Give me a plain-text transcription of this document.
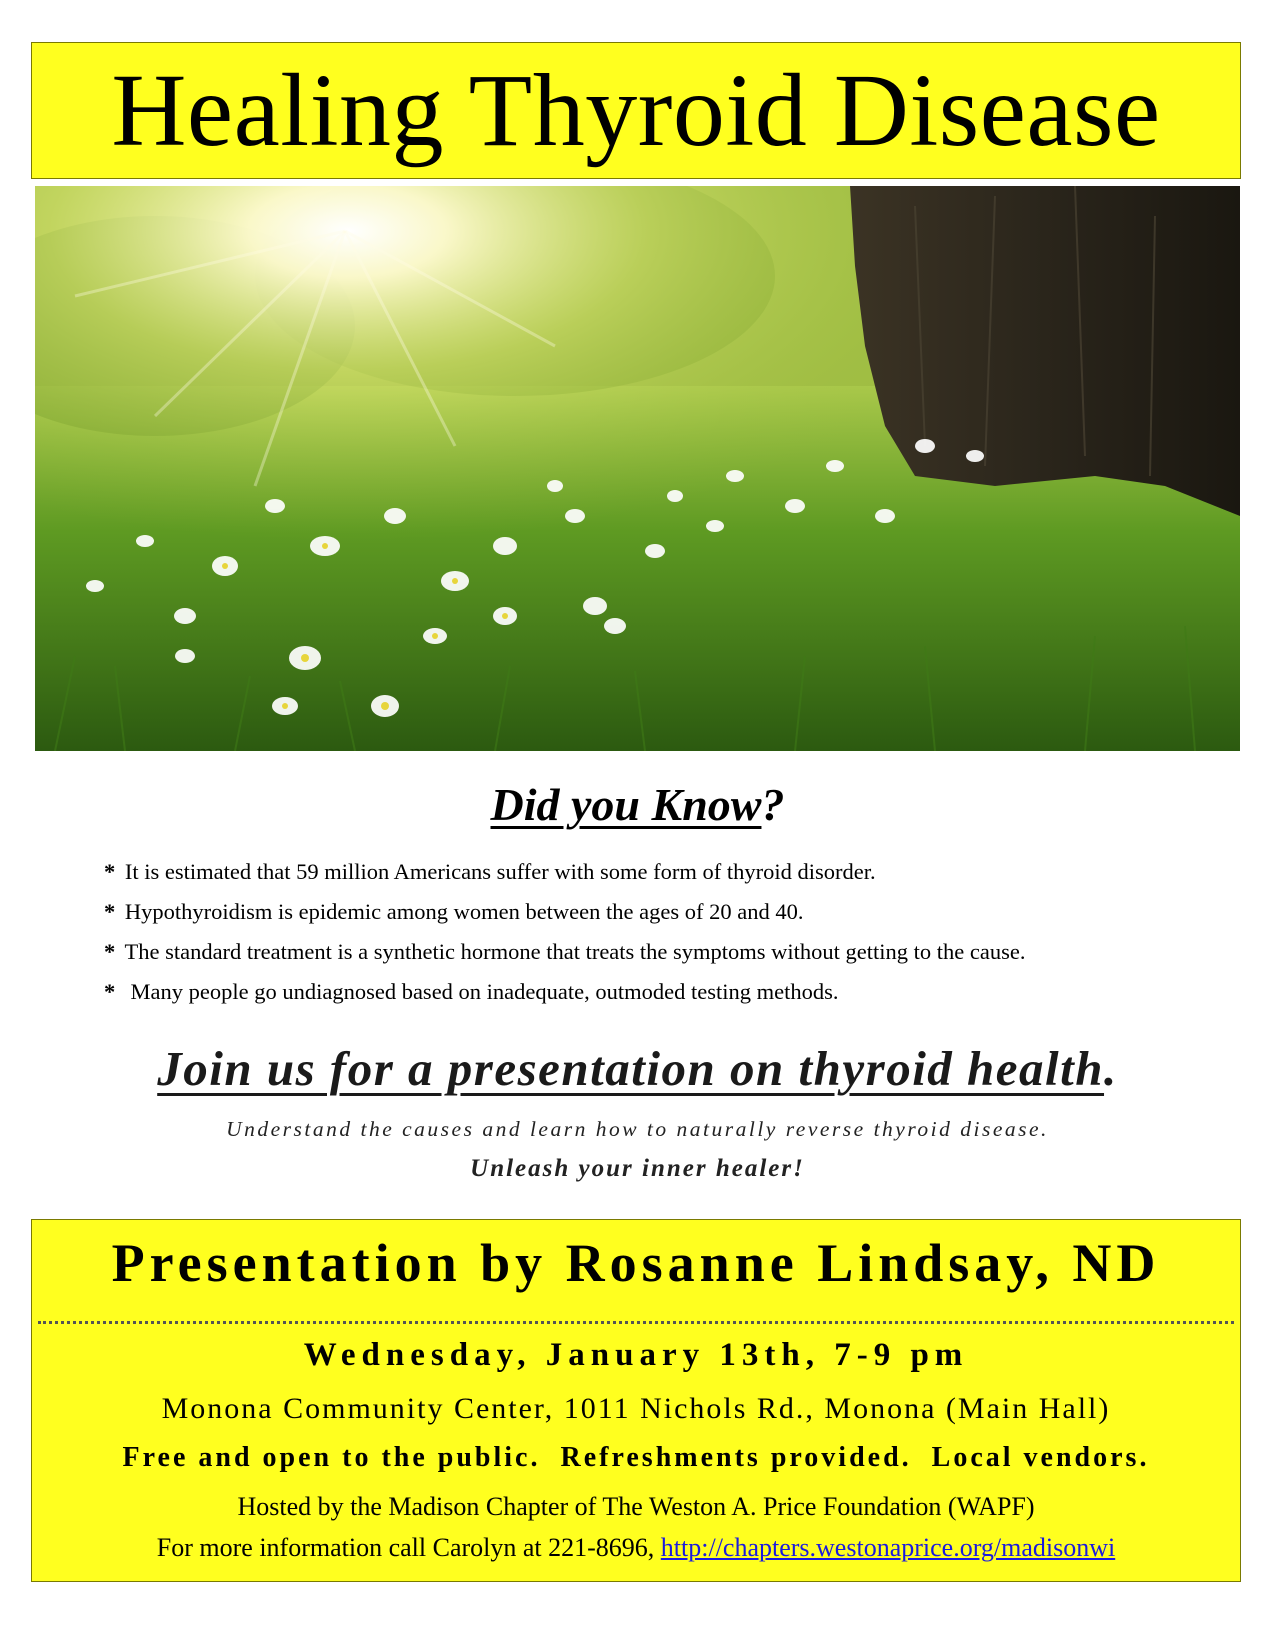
Healing Thyroid Disease
Did you Know?
* It is estimated that 59 million Americans suffer with some form of thyroid disorder.
* Hypothyroidism is epidemic among women between the ages of 20 and 40.
* The standard treatment is a synthetic hormone that treats the symptoms without getting to the cause.
*  Many people go undiagnosed based on inadequate, outmoded testing methods.
Join us for a presentation on thyroid health.
Understand the causes and learn how to naturally reverse thyroid disease.
Unleash your inner healer!
Presentation by Rosanne Lindsay, ND
Wednesday, January 13th, 7-9 pm
Monona Community Center, 1011 Nichols Rd., Monona (Main Hall)
Free and open to the public.  Refreshments provided.  Local vendors.
Hosted by the Madison Chapter of The Weston A. Price Foundation (WAPF)
For more information call Carolyn at 221-8696, http://chapters.westonaprice.org/madisonwi
